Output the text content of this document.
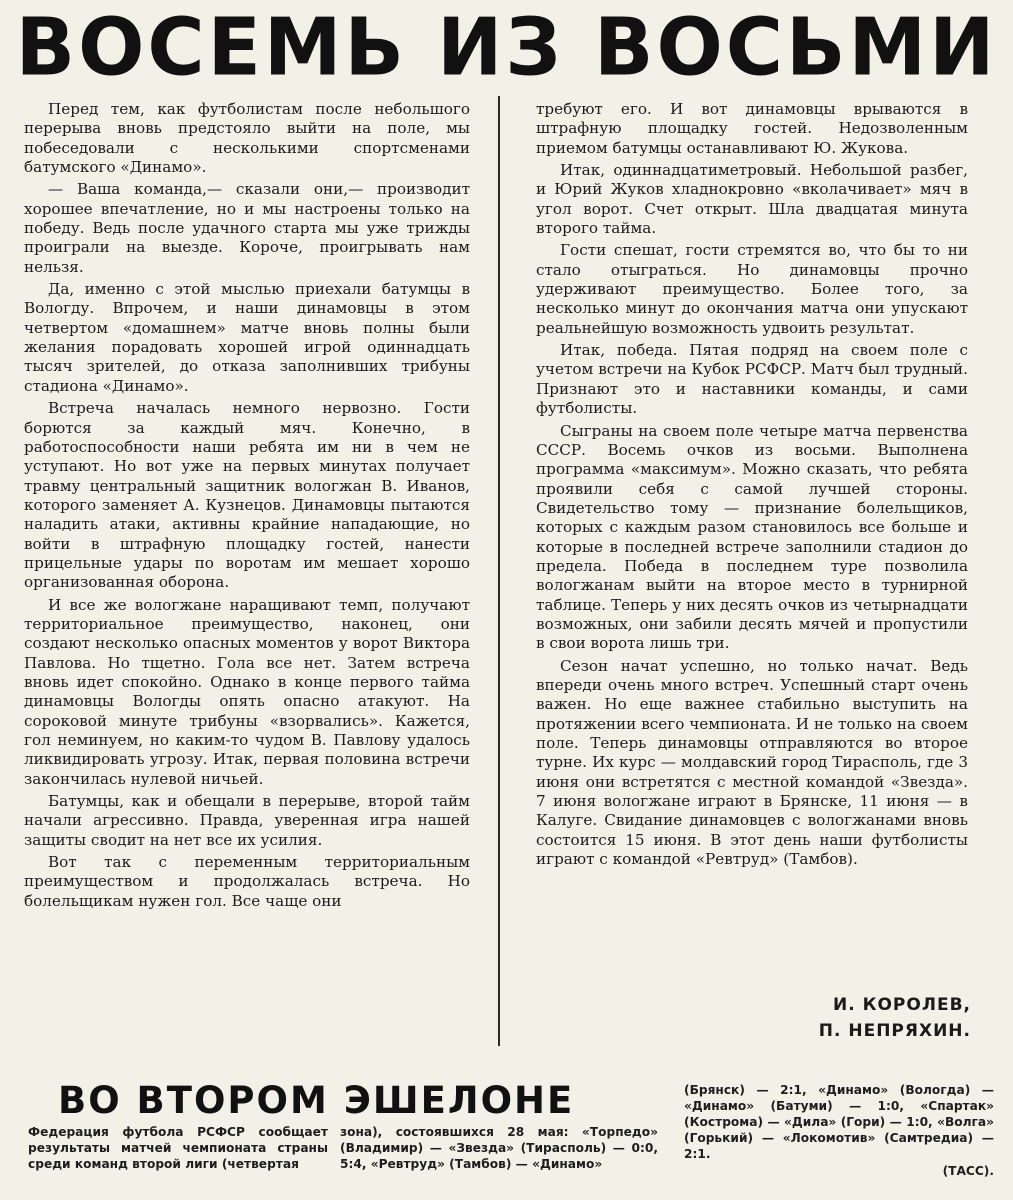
ВОСЕМЬ ИЗ ВОСЬМИ

Перед тем, как футболистам после небольшого перерыва вновь предстояло выйти на поле, мы побеседовали с несколькими спортсменами батумского «Динамо».

— Ваша команда,— сказали они,— производит хорошее впечатление, но и мы настроены только на победу. Ведь после удачного старта мы уже трижды проиграли на выезде. Короче, проигрывать нам нельзя.

Да, именно с этой мыслью приехали батумцы в Вологду. Впрочем, и наши динамовцы в этом четвертом «домашнем» матче вновь полны были желания порадовать хорошей игрой одиннадцать тысяч зрителей, до отказа заполнивших трибуны стадиона «Динамо».

Встреча началась немного нервозно. Гости борются за каждый мяч. Конечно, в работоспособности наши ребята им ни в чем не уступают. Но вот уже на первых минутах получает травму центральный защитник вологжан В. Иванов, которого заменяет А. Кузнецов. Динамовцы пытаются наладить атаки, активны крайние нападающие, но войти в штрафную площадку гостей, нанести прицельные удары по воротам им мешает хорошо организованная оборона.

И все же вологжане наращивают темп, получают территориальное преимущество, наконец, они создают несколько опасных моментов у ворот Виктора Павлова. Но тщетно. Гола все нет. Затем встреча вновь идет спокойно. Однако в конце первого тайма динамовцы Вологды опять опасно атакуют. На сороковой минуте трибуны «взорвались». Кажется, гол неминуем, но каким-то чудом В. Павлову удалось ликвидировать угрозу. Итак, первая половина встречи закончилась нулевой ничьей.

Батумцы, как и обещали в перерыве, второй тайм начали агрессивно. Правда, уверенная игра нашей защиты сводит на нет все их усилия.

Вот так с переменным территориальным преимуществом и продолжалась встреча. Но болельщикам нужен гол. Все чаще они

требуют его. И вот динамовцы врываются в штрафную площадку гостей. Недозволенным приемом батумцы останавливают Ю. Жукова.

Итак, одиннадцатиметровый. Небольшой разбег, и Юрий Жуков хладнокровно «вколачивает» мяч в угол ворот. Счет открыт. Шла двадцатая минута второго тайма.

Гости спешат, гости стремятся во, что бы то ни стало отыграться. Но динамовцы прочно удерживают преимущество. Более того, за несколько минут до окончания матча они упускают реальнейшую возможность удвоить результат.

Итак, победа. Пятая подряд на своем поле с учетом встречи на Кубок РСФСР. Матч был трудный. Признают это и наставники команды, и сами футболисты.

Сыграны на своем поле четыре матча первенства СССР. Восемь очков из восьми. Выполнена программа «максимум». Можно сказать, что ребята проявили себя с самой лучшей стороны. Свидетельство тому — признание болельщиков, которых с каждым разом становилось все больше и которые в последней встрече заполнили стадион до предела. Победа в последнем туре позволила вологжанам выйти на второе место в турнирной таблице. Теперь у них десять очков из четырнадцати возможных, они забили десять мячей и пропустили в свои ворота лишь три.

Сезон начат успешно, но только начат. Ведь впереди очень много встреч. Успешный старт очень важен. Но еще важнее стабильно выступить на протяжении всего чемпионата. И не только на своем поле. Теперь динамовцы отправляются во второе турне. Их курс — молдавский город Тирасполь, где 3 июня они встретятся с местной командой «Звезда». 7 июня вологжане играют в Брянске, 11 июня — в Калуге. Свидание динамовцев с вологжанами вновь состоится 15 июня. В этот день наши футболисты играют с командой «Ревтруд» (Тамбов).

И. КОРОЛЕВ,
П. НЕПРЯХИН.
ВО ВТОРОМ ЭШЕЛОНЕ
Федерация футбола РСФСР сообщает результаты матчей чемпионата страны среди команд второй лиги (четвертая
зона), состоявшихся 28 мая: «Торпедо» (Владимир) — «Звезда» (Тирасполь) — 0:0, 5:4, «Ревтруд» (Тамбов) — «Динамо»
(Брянск) — 2:1, «Динамо» (Вологда) — «Динамо» (Батуми) — 1:0, «Спартак» (Кострома) — «Дила» (Гори) — 1:0, «Волга» (Горький) — «Локомотив» (Самтредиа) — 2:1.
(ТАСС).
